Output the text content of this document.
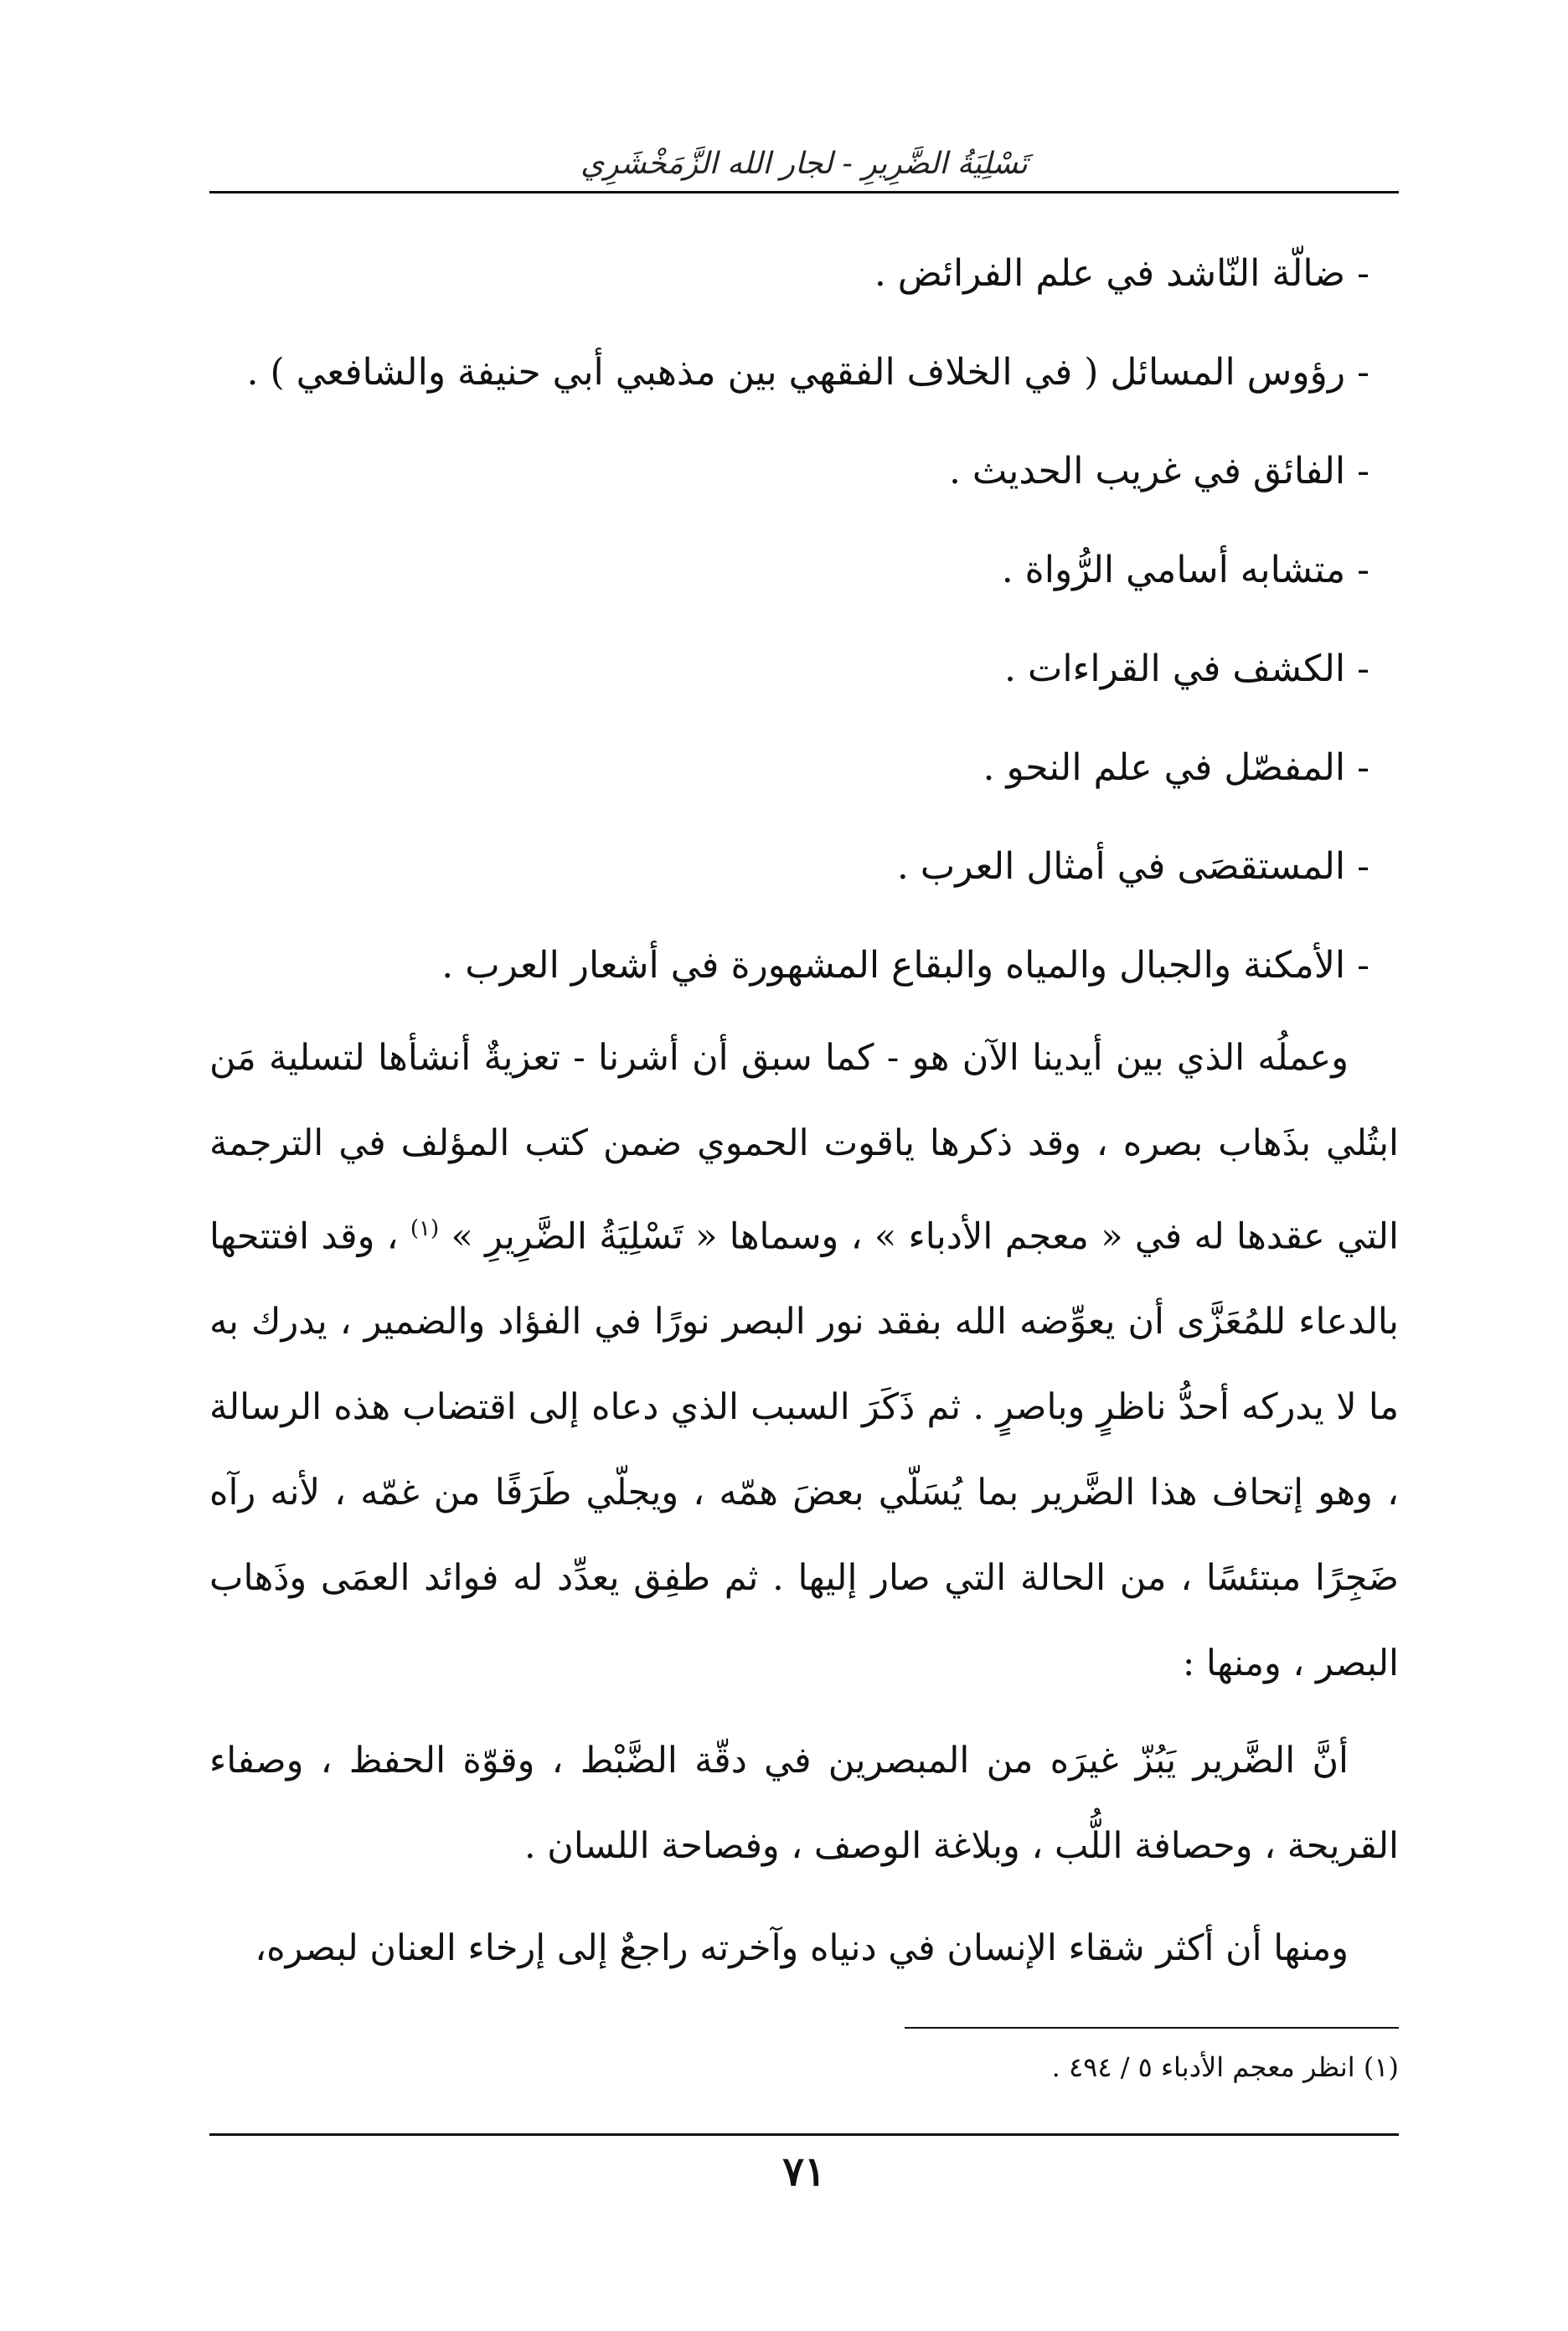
تَسْلِيَةُ الضَّرِيرِ - لجار الله الزَّمَخْشَرِي

- ضالّة النّاشد في علم الفرائض .

- رؤوس المسائل ( في الخلاف الفقهي بين مذهبي أبي حنيفة والشافعي ) .

- الفائق في غريب الحديث .

- متشابه أسامي الرُّواة .

- الكشف في القراءات .

- المفصّل في علم النحو .

- المستقصَى في أمثال العرب .

- الأمكنة والجبال والمياه والبقاع المشهورة في أشعار العرب .

وعملُه الذي بين أيدينا الآن هو - كما سبق أن أشرنا - تعزيةٌ أنشأها لتسلية مَن ابتُلي بذَهاب بصره ، وقد ذكرها ياقوت الحموي ضمن كتب المؤلف في الترجمة التي عقدها له في « معجم الأدباء » ، وسماها « تَسْلِيَةُ الضَّرِيرِ » $^{(١)}$ ، وقد افتتحها بالدعاء للمُعَزَّى أن يعوِّضه الله بفقد نور البصر نورًا في الفؤاد والضمير ، يدرك به ما لا يدركه أحدُّ ناظرٍ وباصرٍ . ثم ذَكَرَ السبب الذي دعاه إلى اقتضاب هذه الرسالة ، وهو إتحاف هذا الضَّرير بما يُسَلّي بعضَ همّه ، ويجلّي طَرَفًا من غمّه ، لأنه رآه ضَجِرًا مبتئسًا ، من الحالة التي صار إليها . ثم طفِق يعدِّد له فوائد العمَى وذَهاب البصر ، ومنها :

أنَّ الضَّرير يَبُزّ غيرَه من المبصرين في دقّة الضَّبْط ، وقوّة الحفظ ، وصفاء القريحة ، وحصافة اللُّب ، وبلاغة الوصف ، وفصاحة اللسان .

ومنها أن أكثر شقاء الإنسان في دنياه وآخرته راجعٌ إلى إرخاء العنان لبصره،

(١) انظر معجم الأدباء ٥ / ٤٩٤ .
٧١
